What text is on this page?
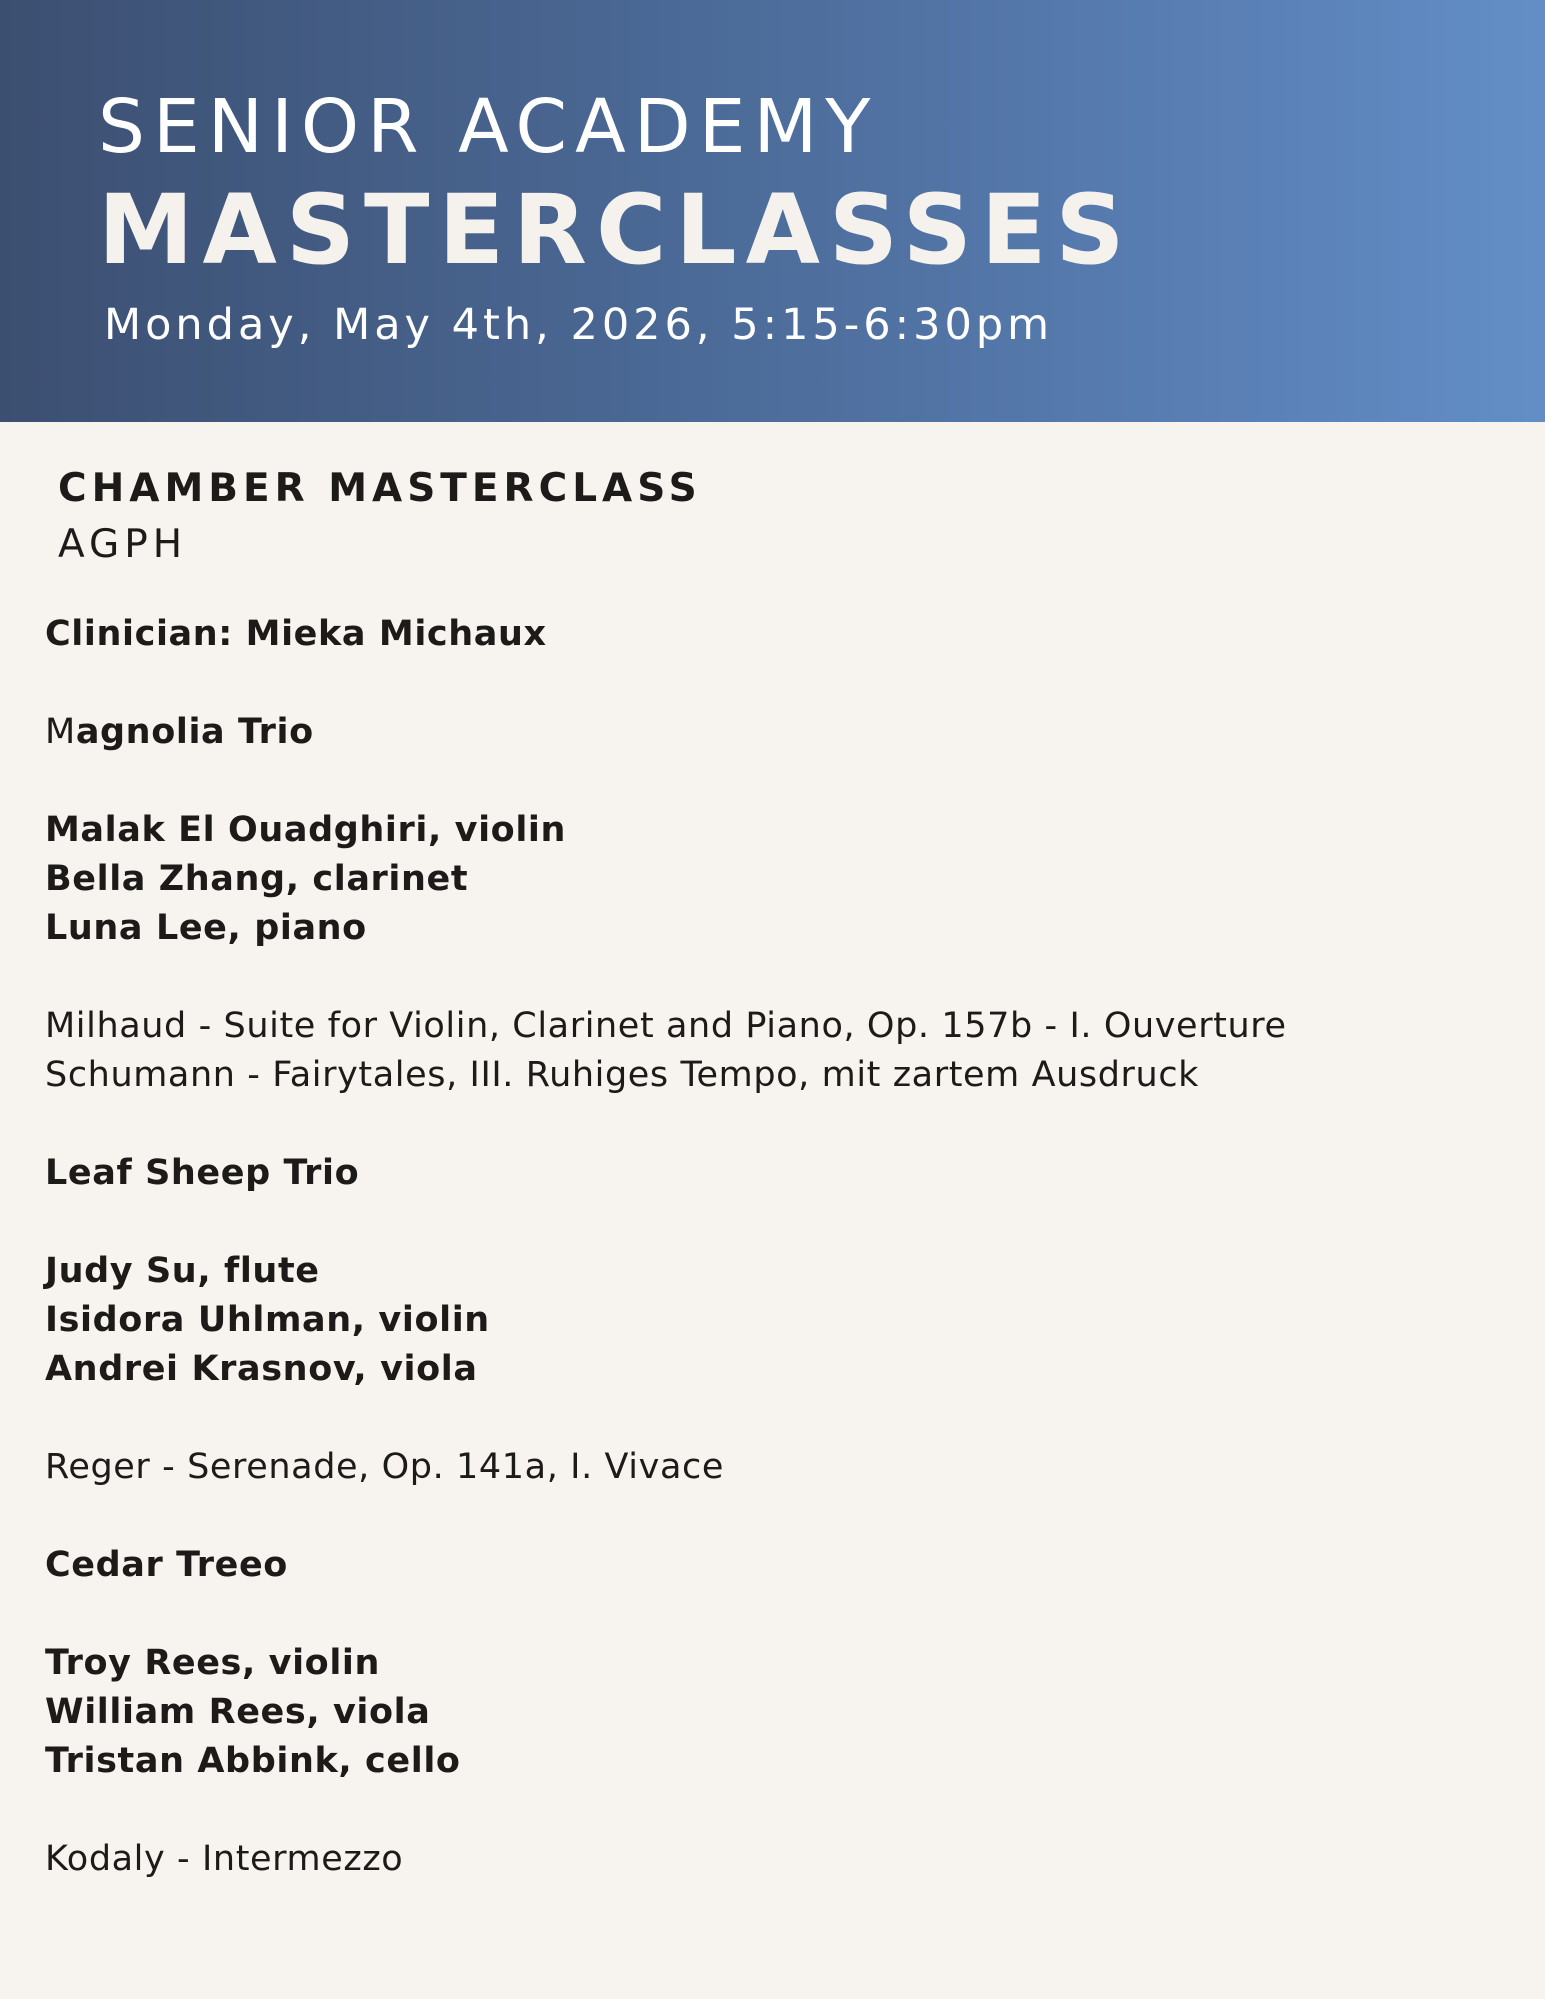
SENIOR ACADEMY
MASTERCLASSES
Monday, May 4th, 2026, 5:15-6:30pm
CHAMBER MASTERCLASS
AGPH
Clinician: Mieka Michaux
Magnolia Trio
Malak El Ouadghiri, violin
Bella Zhang, clarinet
Luna Lee, piano
Milhaud - Suite for Violin, Clarinet and Piano, Op. 157b - I. Ouverture
Schumann - Fairytales, III. Ruhiges Tempo, mit zartem Ausdruck
Leaf Sheep Trio
Judy Su, flute
Isidora Uhlman, violin
Andrei Krasnov, viola
Reger - Serenade, Op. 141a, I. Vivace
Cedar Treeo
Troy Rees, violin
William Rees, viola
Tristan Abbink, cello
Kodaly - Intermezzo
